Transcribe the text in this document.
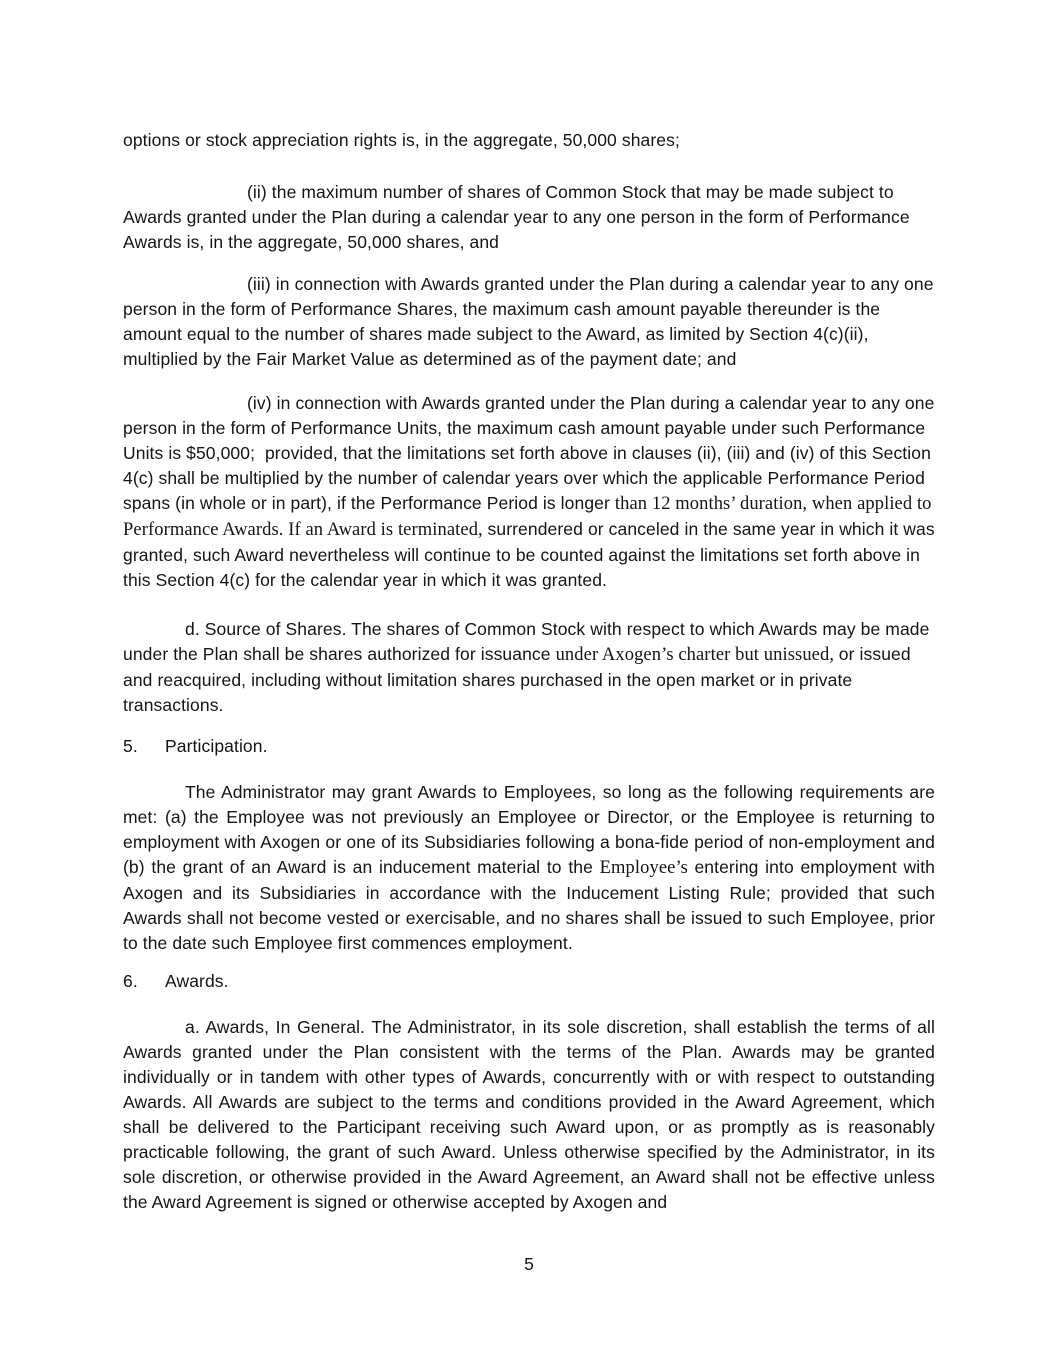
options or stock appreciation rights is, in the aggregate, 50,000 shares;

(ii) the maximum number of shares of Common Stock that may be made subject to Awards granted under the Plan during a calendar year to any one person in the form of Performance Awards is, in the aggregate, 50,000 shares, and

(iii) in connection with Awards granted under the Plan during a calendar year to any one person in the form of Performance Shares, the maximum cash amount payable thereunder is the amount equal to the number of shares made subject to the Award, as limited by Section 4(c)(ii), multiplied by the Fair Market Value as determined as of the payment date; and

(iv) in connection with Awards granted under the Plan during a calendar year to any one person in the form of Performance Units, the maximum cash amount payable under such Performance Units is $50,000;  provided, that the limitations set forth above in clauses (ii), (iii) and (iv) of this Section 4(c) shall be multiplied by the number of calendar years over which the applicable Performance Period spans (in whole or in part), if the Performance Period is longer than 12 months’ duration, when applied to Performance Awards. If an Award is terminated, surrendered or canceled in the same year in which it was granted, such Award nevertheless will continue to be counted against the limitations set forth above in this Section 4(c) for the calendar year in which it was granted.

d. Source of Shares. The shares of Common Stock with respect to which Awards may be made under the Plan shall be shares authorized for issuance under Axogen’s charter but unissued, or issued and reacquired, including without limitation shares purchased in the open market or in private transactions.

5. Participation.

The Administrator may grant Awards to Employees, so long as the following requirements are met: (a) the Employee was not previously an Employee or Director, or the Employee is returning to employment with Axogen or one of its Subsidiaries following a bona-fide period of non-employment and (b) the grant of an Award is an inducement material to the Employee’s entering into employment with Axogen and its Subsidiaries in accordance with the Inducement Listing Rule; provided that such Awards shall not become vested or exercisable, and no shares shall be issued to such Employee, prior to the date such Employee first commences employment.

6. Awards.

a. Awards, In General. The Administrator, in its sole discretion, shall establish the terms of all Awards granted under the Plan consistent with the terms of the Plan. Awards may be granted individually or in tandem with other types of Awards, concurrently with or with respect to outstanding Awards. All Awards are subject to the terms and conditions provided in the Award Agreement, which shall be delivered to the Participant receiving such Award upon, or as promptly as is reasonably practicable following, the grant of such Award. Unless otherwise specified by the Administrator, in its sole discretion, or otherwise provided in the Award Agreement, an Award shall not be effective unless the Award Agreement is signed or otherwise accepted by Axogen and

5
